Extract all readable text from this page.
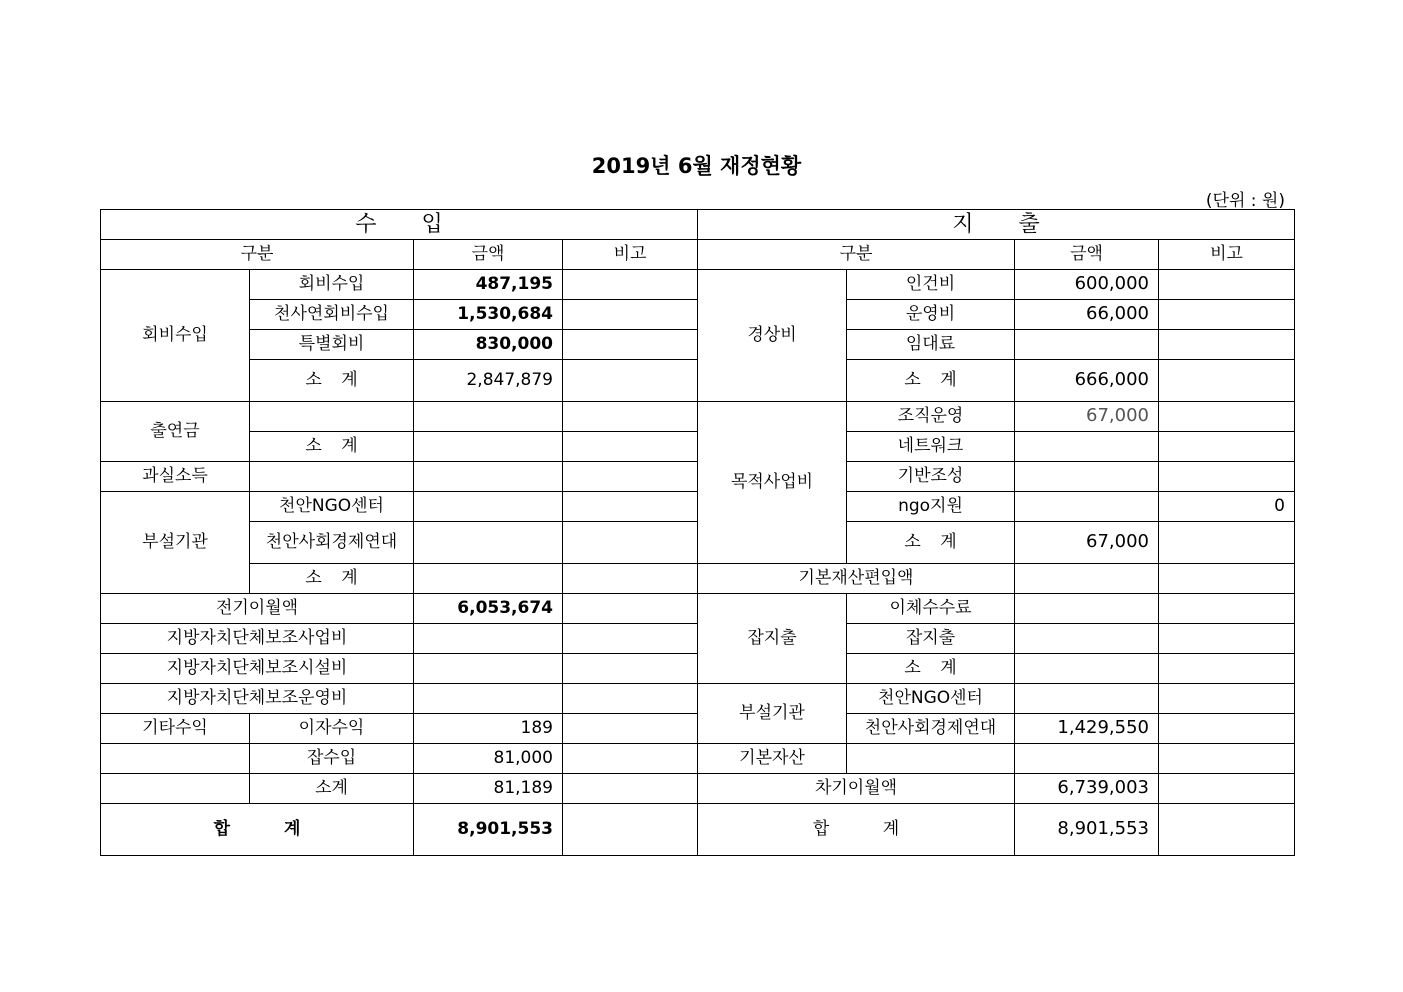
2019년 6월 재정현황
(단위 : 원)
수 입				지 출			
구분		금액	비고	구분		금액	비고
회비수입	회비수입	487,195		경상비	인건비	600,000	
	천사연회비수입	1,530,684			운영비	66,000	
	특별회비	830,000			임대료		
	소 계	2,847,879			소 계	666,000	
출연금				목적사업비	조직운영	67,000	
	소 계				네트워크		
과실소득					기반조성		
부설기관	천안NGO센터				ngo지원		0
	천안사회경제연대				소 계	67,000	
	소 계			기본재산편입액			
전기이월액		6,053,674		잡지출	이체수수료		
지방자치단체보조사업비					잡지출		
지방자치단체보조시설비					소 계		
지방자치단체보조운영비				부설기관	천안NGO센터		
기타수익	이자수익	189			천안사회경제연대	1,429,550	
	잡수입	81,000		기본자산			
	소계	81,189		차기이월액		6,739,003	
합 계		8,901,553		합 계		8,901,553	
